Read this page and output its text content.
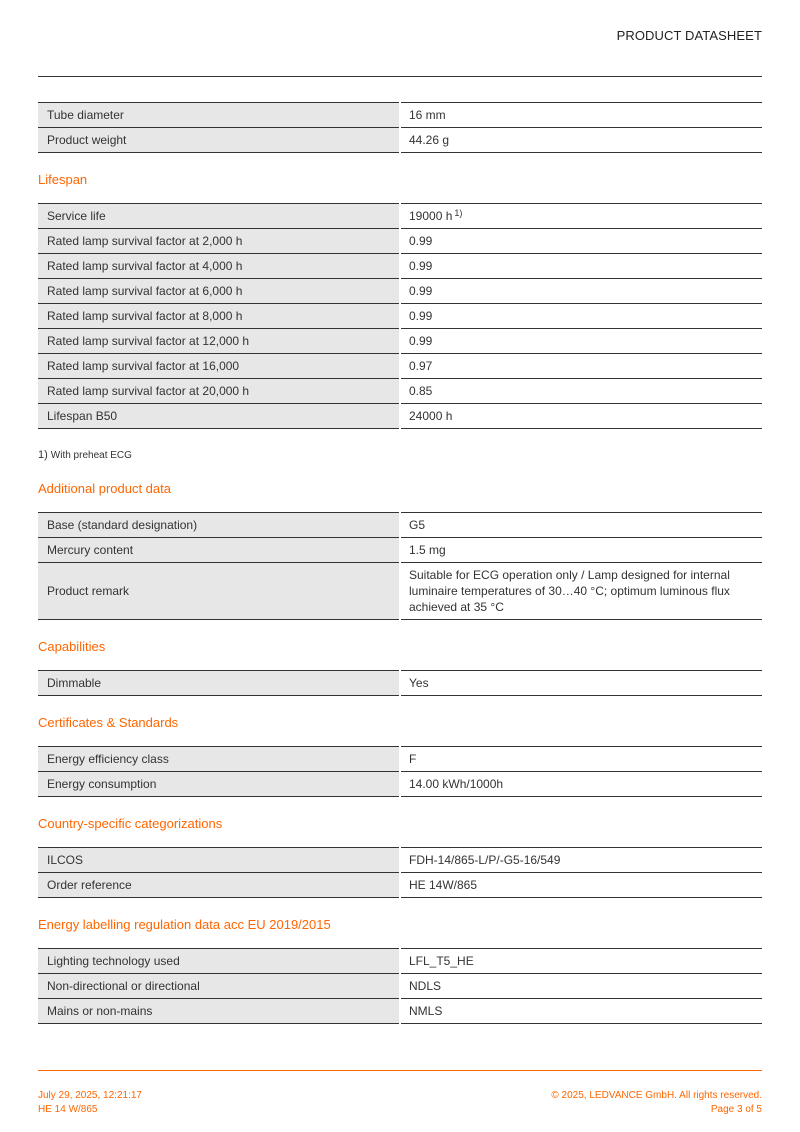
PRODUCT DATASHEET
Tube diameter	16 mm
Product weight	44.26 g
Lifespan
Service life	19000 h $^{1)}$
Rated lamp survival factor at 2,000 h	0.99
Rated lamp survival factor at 4,000 h	0.99
Rated lamp survival factor at 6,000 h	0.99
Rated lamp survival factor at 8,000 h	0.99
Rated lamp survival factor at 12,000 h	0.99
Rated lamp survival factor at 16,000	0.97
Rated lamp survival factor at 20,000 h	0.85
Lifespan B50	24000 h
1) With preheat ECG
Additional product data
Base (standard designation)	G5
Mercury content	1.5 mg
Product remark	Suitable for ECG operation only / Lamp designed for internal luminaire temperatures of 30…40 °C; optimum luminous flux achieved at 35 °C
Capabilities
Dimmable	Yes
Certificates & Standards
Energy efficiency class	F
Energy consumption	14.00 kWh/1000h
Country-specific categorizations
ILCOS	FDH-14/865-L/P/-G5-16/549
Order reference	HE 14W/865
Energy labelling regulation data acc EU 2019/2015
Lighting technology used	LFL_T5_HE
Non-directional or directional	NDLS
Mains or non-mains	NMLS
July 29, 2025, 12:21:17
HE 14 W/865
© 2025, LEDVANCE GmbH. All rights reserved.
Page 3 of 5
